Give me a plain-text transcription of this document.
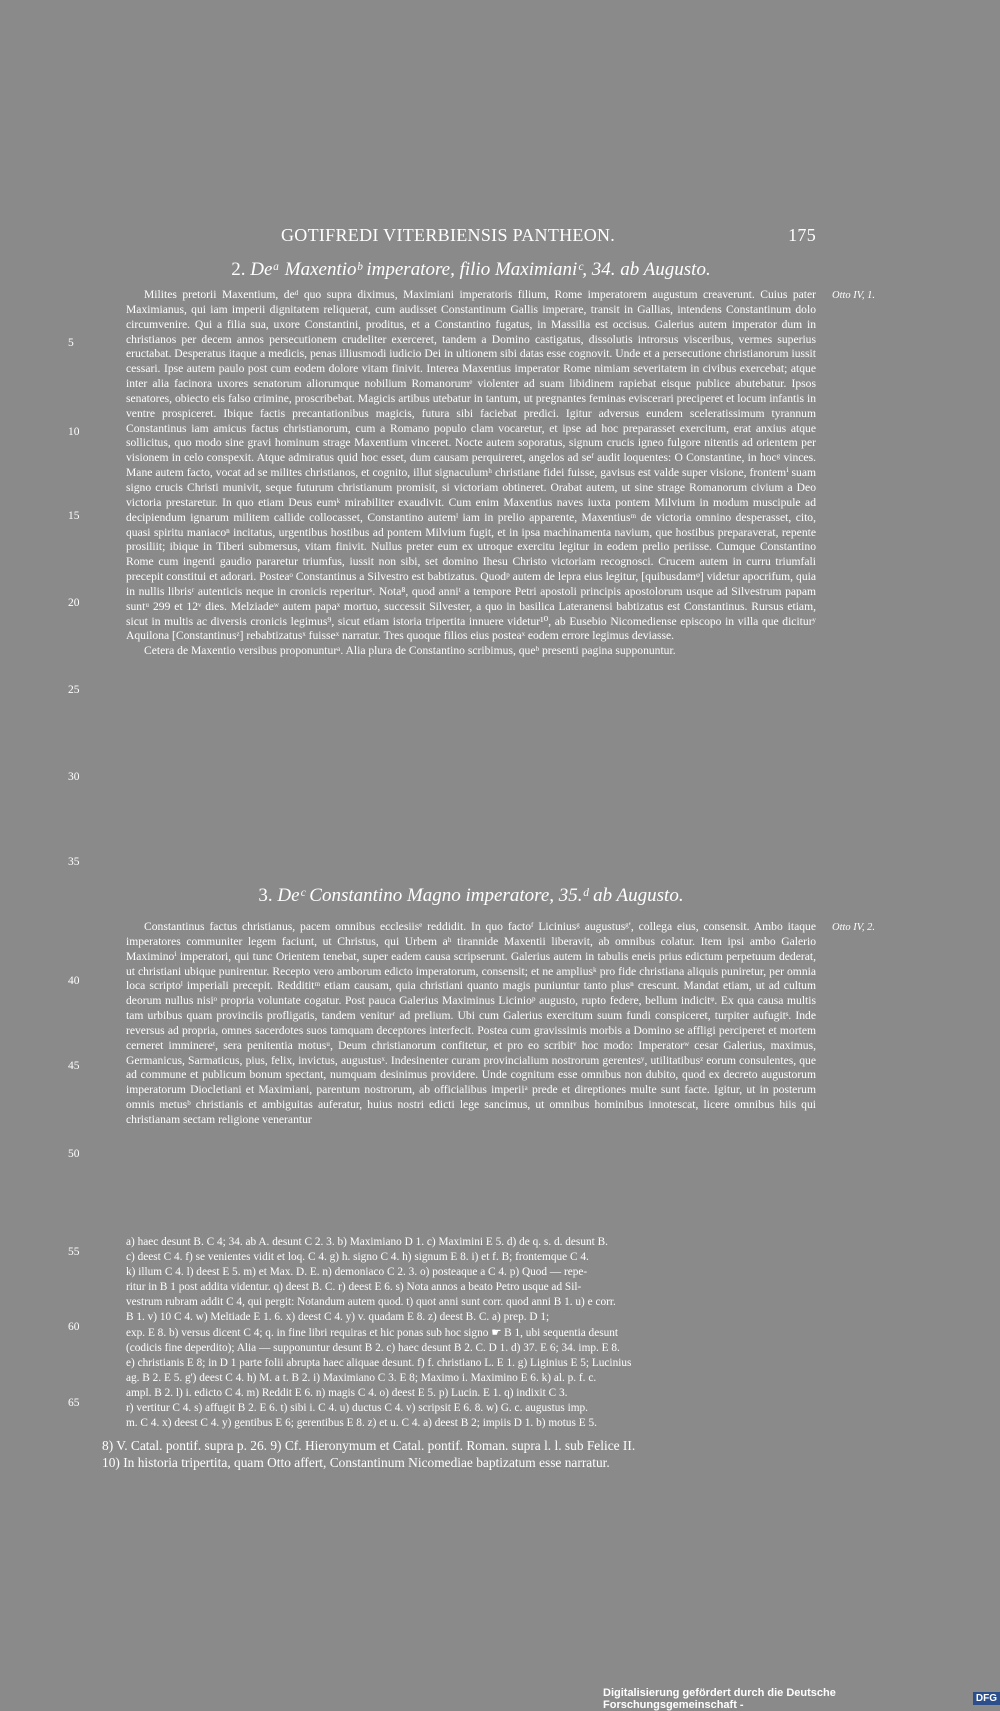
GOTIFREDI VITERBIENSIS PANTHEON.	175
2. Deᵃ Maxentioᵇ imperatore, filio Maximianiᶜ, 34. ab Augusto.
Otto IV, 1.

Milites pretorii Maxentium, deᵈ quo supra diximus, Maximiani imperatoris filium, Rome imperatorem augustum creaverunt. Cuius pater Maximianus, qui iam imperii dignitatem reliquerat, cum audisset Constantinum Gallis imperare, transit in Gallias, intendens Constantinum dolo circumvenire. Qui a filia sua, uxore Constantini, proditus, et a Constantino fugatus, in Massilia est occisus. Galerius autem imperator dum in christianos per decem annos persecutionem crudeliter exerceret, tandem a Domino castigatus, dissolutis introrsus visceribus, vermes superius eructabat. Desperatus itaque a medicis, penas illiusmodi iudicio Dei in ultionem sibi datas esse cognovit. Unde et a persecutione christianorum iussit cessari. Ipse autem paulo post cum eodem dolore vitam finivit. Interea Maxentius imperator Rome nimiam severitatem in civibus exercebat; atque inter alia facinora uxores senatorum aliorumque nobilium Romanorumᵉ violenter ad suam libidinem rapiebat eisque publice abutebatur. Ipsos senatores, obiecto eis falso crimine, proscribebat. Magicis artibus utebatur in tantum, ut pregnantes feminas eviscerari preciperet et locum infantis in ventre prospiceret. Ibique factis precantationibus magicis, futura sibi faciebat predici. Igitur adversus eundem sceleratissimum tyrannum Constantinus iam amicus factus christianorum, cum a Romano populo clam vocaretur, et ipse ad hoc preparasset exercitum, erat anxius atque sollicitus, quo modo sine gravi hominum strage Maxentium vinceret. Nocte autem soporatus, signum crucis igneo fulgore nitentis ad orientem per visionem in celo conspexit. Atque admiratus quid hoc esset, dum causam perquireret, angelos ad seᶠ audit loquentes: O Constantine, in hocᵍ vinces. Mane autem facto, vocat ad se milites christianos, et cognito, illut signaculumʰ christiane fidei fuisse, gavisus est valde super visione, frontemⁱ suam signo crucis Christi munivit, seque futurum christianum promisit, si victoriam obtineret. Orabat autem, ut sine strage Romanorum civium a Deo victoria prestaretur. In quo etiam Deus eumᵏ mirabiliter exaudivit. Cum enim Maxentius naves iuxta pontem Milvium in modum muscipule ad decipiendum ignarum militem callide collocasset, Constantino autemˡ iam in prelio apparente, Maxentiusᵐ de victoria omnino desperasset, cito, quasi spiritu maniacoⁿ incitatus, urgentibus hostibus ad pontem Milvium fugit, et in ipsa machinamenta navium, que hostibus preparaverat, repente prosiliit; ibique in Tiberi submersus, vitam finivit. Nullus preter eum ex utroque exercitu legitur in eodem prelio periisse. Cumque Constantino Rome cum ingenti gaudio pararetur triumfus, iussit non sibi, set domino Ihesu Christo victoriam recognosci. Crucem autem in curru triumfali precepit constitui et adorari. Posteaᵒ Constantinus a Silvestro est babtizatus. Quodᵖ autem de lepra eius legitur, [quibusdamᵠ] videtur apocrifum, quia in nullis librisʳ autenticis neque in cronicis reperiturˢ. Nota⁸, quod anniᵗ a tempore Petri apostoli principis apostolorum usque ad Silvestrum papam suntᵘ 299 et 12ᵛ dies. Melziadeʷ autem papaˣ mortuo, successit Silvester, a quo in basilica Lateranensi babtizatus est Constantinus. Rursus etiam, sicut in multis ac diversis cronicis legimus⁹, sicut etiam istoria tripertita innuere videtur¹⁰, ab Eusebio Nicomediense episcopo in villa que diciturʸ Aquilona [Constantinusᶻ] rebabtizatusˣ fuisseˣ narratur. Tres quoque filios eius posteaˣ eodem errore legimus deviasse.

Cetera de Maxentio versibus proponunturᵃ. Alia plura de Constantino scribimus, queᵇ presenti pagina supponuntur.

3. Deᶜ Constantino Magno imperatore, 35.ᵈ ab Augusto.
Otto IV, 2.

Constantinus factus christianus, pacem omnibus ecclesiisᵉ reddidit. In quo factoᶠ Liciniusᵍ augustusᵍ', collega eius, consensit. Ambo itaque imperatores communiter legem faciunt, ut Christus, qui Urbem aʰ tirannide Maxentii liberavit, ab omnibus colatur. Item ipsi ambo Galerio Maximinoⁱ imperatori, qui tunc Orientem tenebat, super eadem causa scripserunt. Galerius autem in tabulis eneis prius edictum perpetuum dederat, ut christiani ubique punirentur. Recepto vero amborum edicto imperatorum, consensit; et ne ampliusᵏ pro fide christiana aliquis puniretur, per omnia loca scriptoˡ imperiali precepit. Reddititᵐ etiam causam, quia christiani quanto magis puniuntur tanto plusⁿ crescunt. Mandat etiam, ut ad cultum deorum nullus nisiᵒ propria voluntate cogatur. Post pauca Galerius Maximinus Licinioᵖ augusto, rupto federe, bellum indicitᵠ. Ex qua causa multis tam urbibus quam provinciis profligatis, tandem veniturʳ ad prelium. Ubi cum Galerius exercitum suum fundi conspiceret, turpiter aufugitˢ. Inde reversus ad propria, omnes sacerdotes suos tamquam deceptores interfecit. Postea cum gravissimis morbis a Domino se affligi perciperet et mortem cerneret imminereᵗ, sera penitentia motusᵘ, Deum christianorum confitetur, et pro eo scribitᵛ hoc modo: Imperatorʷ cesar Galerius, maximus, Germanicus, Sarmaticus, pius, felix, invictus, augustusˣ. Indesinenter curam provincialium nostrorum gerentesʸ, utilitatibusᶻ eorum consulentes, que ad commune et publicum bonum spectant, numquam desinimus providere. Unde cognitum esse omnibus non dubito, quod ex decreto augustorum imperatorum Diocletiani et Maximiani, parentum nostrorum, ab officialibus imperiiᵃ prede et direptiones multe sunt facte. Igitur, ut in posterum omnis metusᵇ christianis et ambiguitas auferatur, huius nostri edicti lege sancimus, ut omnibus hominibus innotescat, licere omnibus hiis qui christianam sectam religione venerantur

5
10
15
20
25
30
35
40
45
50
55
60
65

a) haec desunt B. C 4; 34. ab A. desunt C 2. 3. b) Maximiano D 1. c) Maximini E 5. d) de q. s. d. desunt B.

c) deest C 4. f) se venientes vidit et loq. C 4. g) h. signo C 4. h) signum E 8. i) et f. B; frontemque C 4.

k) illum C 4. l) deest E 5. m) et Max. D. E. n) demoniaco C 2. 3. o) posteaque a C 4. p) Quod — repe-

ritur in B 1 post addita videntur. q) deest B. C. r) deest E 6. s) Nota annos a beato Petro usque ad Sil-

vestrum rubram addit C 4, qui pergit: Notandum autem quod. t) quot anni sunt corr. quod anni B 1. u) e corr.

B 1. v) 10 C 4. w) Meltiade E 1. 6. x) deest C 4. y) v. quadam E 8. z) deest B. C. a) prep. D 1;

exp. E 8. b) versus dicent C 4; q. in fine libri requiras et hic ponas sub hoc signo ☛ B 1, ubi sequentia desunt

(codicis fine deperdito); Alia — supponuntur desunt B 2. c) haec desunt B 2. C. D 1. d) 37. E 6; 34. imp. E 8.

e) christianis E 8; in D 1 parte folii abrupta haec aliquae desunt. f) f. christiano L. E 1. g) Liginius E 5; Lucinius

ag. B 2. E 5. g') deest C 4. h) M. a t. B 2. i) Maximiano C 3. E 8; Maximo i. Maximino E 6. k) al. p. f. c.

ampl. B 2. l) i. edicto C 4. m) Reddit E 6. n) magis C 4. o) deest E 5. p) Lucin. E 1. q) indixit C 3.

r) vertitur C 4. s) affugit B 2. E 6. t) sibi i. C 4. u) ductus C 4. v) scripsit E 6. 8. w) G. c. augustus imp.

m. C 4. x) deest C 4. y) gentibus E 6; gerentibus E 8. z) et u. C 4. a) deest B 2; impiis D 1. b) motus E 5.

8) V. Catal. pontif. supra p. 26. 9) Cf. Hieronymum et Catal. pontif. Roman. supra l. l. sub Felice II.

10) In historia tripertita, quam Otto affert, Constantinum Nicomediae baptizatum esse narratur.

Digitalisierung gefördert durch die Deutsche Forschungsgemeinschaft -	DFG
